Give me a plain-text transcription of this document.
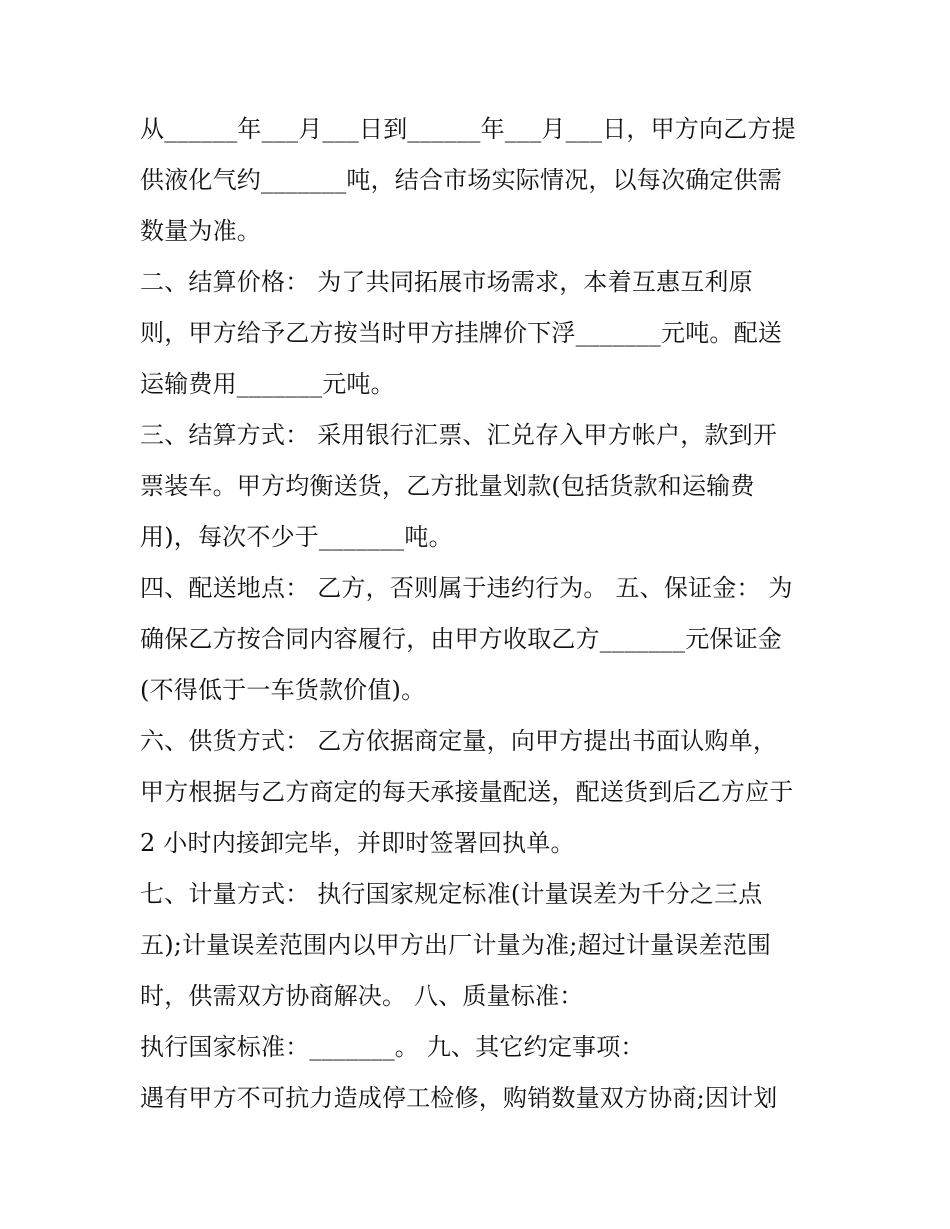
从______年___月___日到______年___月___日，甲方向乙方提
供液化气约_______吨，结合市场实际情况，以每次确定供需
数量为准。
二、结算价格： 为了共同拓展市场需求，本着互惠互利原
则，甲方给予乙方按当时甲方挂牌价下浮_______元吨。配送
运输费用_______元吨。
三、结算方式： 采用银行汇票、汇兑存入甲方帐户，款到开
票装车。甲方均衡送货，乙方批量划款(包括货款和运输费
用)，每次不少于_______吨。
四、配送地点： 乙方，否则属于违约行为。 五、保证金： 为
确保乙方按合同内容履行，由甲方收取乙方_______元保证金
(不得低于一车货款价值)。
六、供货方式： 乙方依据商定量，向甲方提出书面认购单，
甲方根据与乙方商定的每天承接量配送，配送货到后乙方应于
2 小时内接卸完毕，并即时签署回执单。
七、计量方式： 执行国家规定标准(计量误差为千分之三点
五);计量误差范围内以甲方出厂计量为准;超过计量误差范围
时，供需双方协商解决。 八、质量标准：
执行国家标准：_______。 九、其它约定事项：
遇有甲方不可抗力造成停工检修，购销数量双方协商;因计划
